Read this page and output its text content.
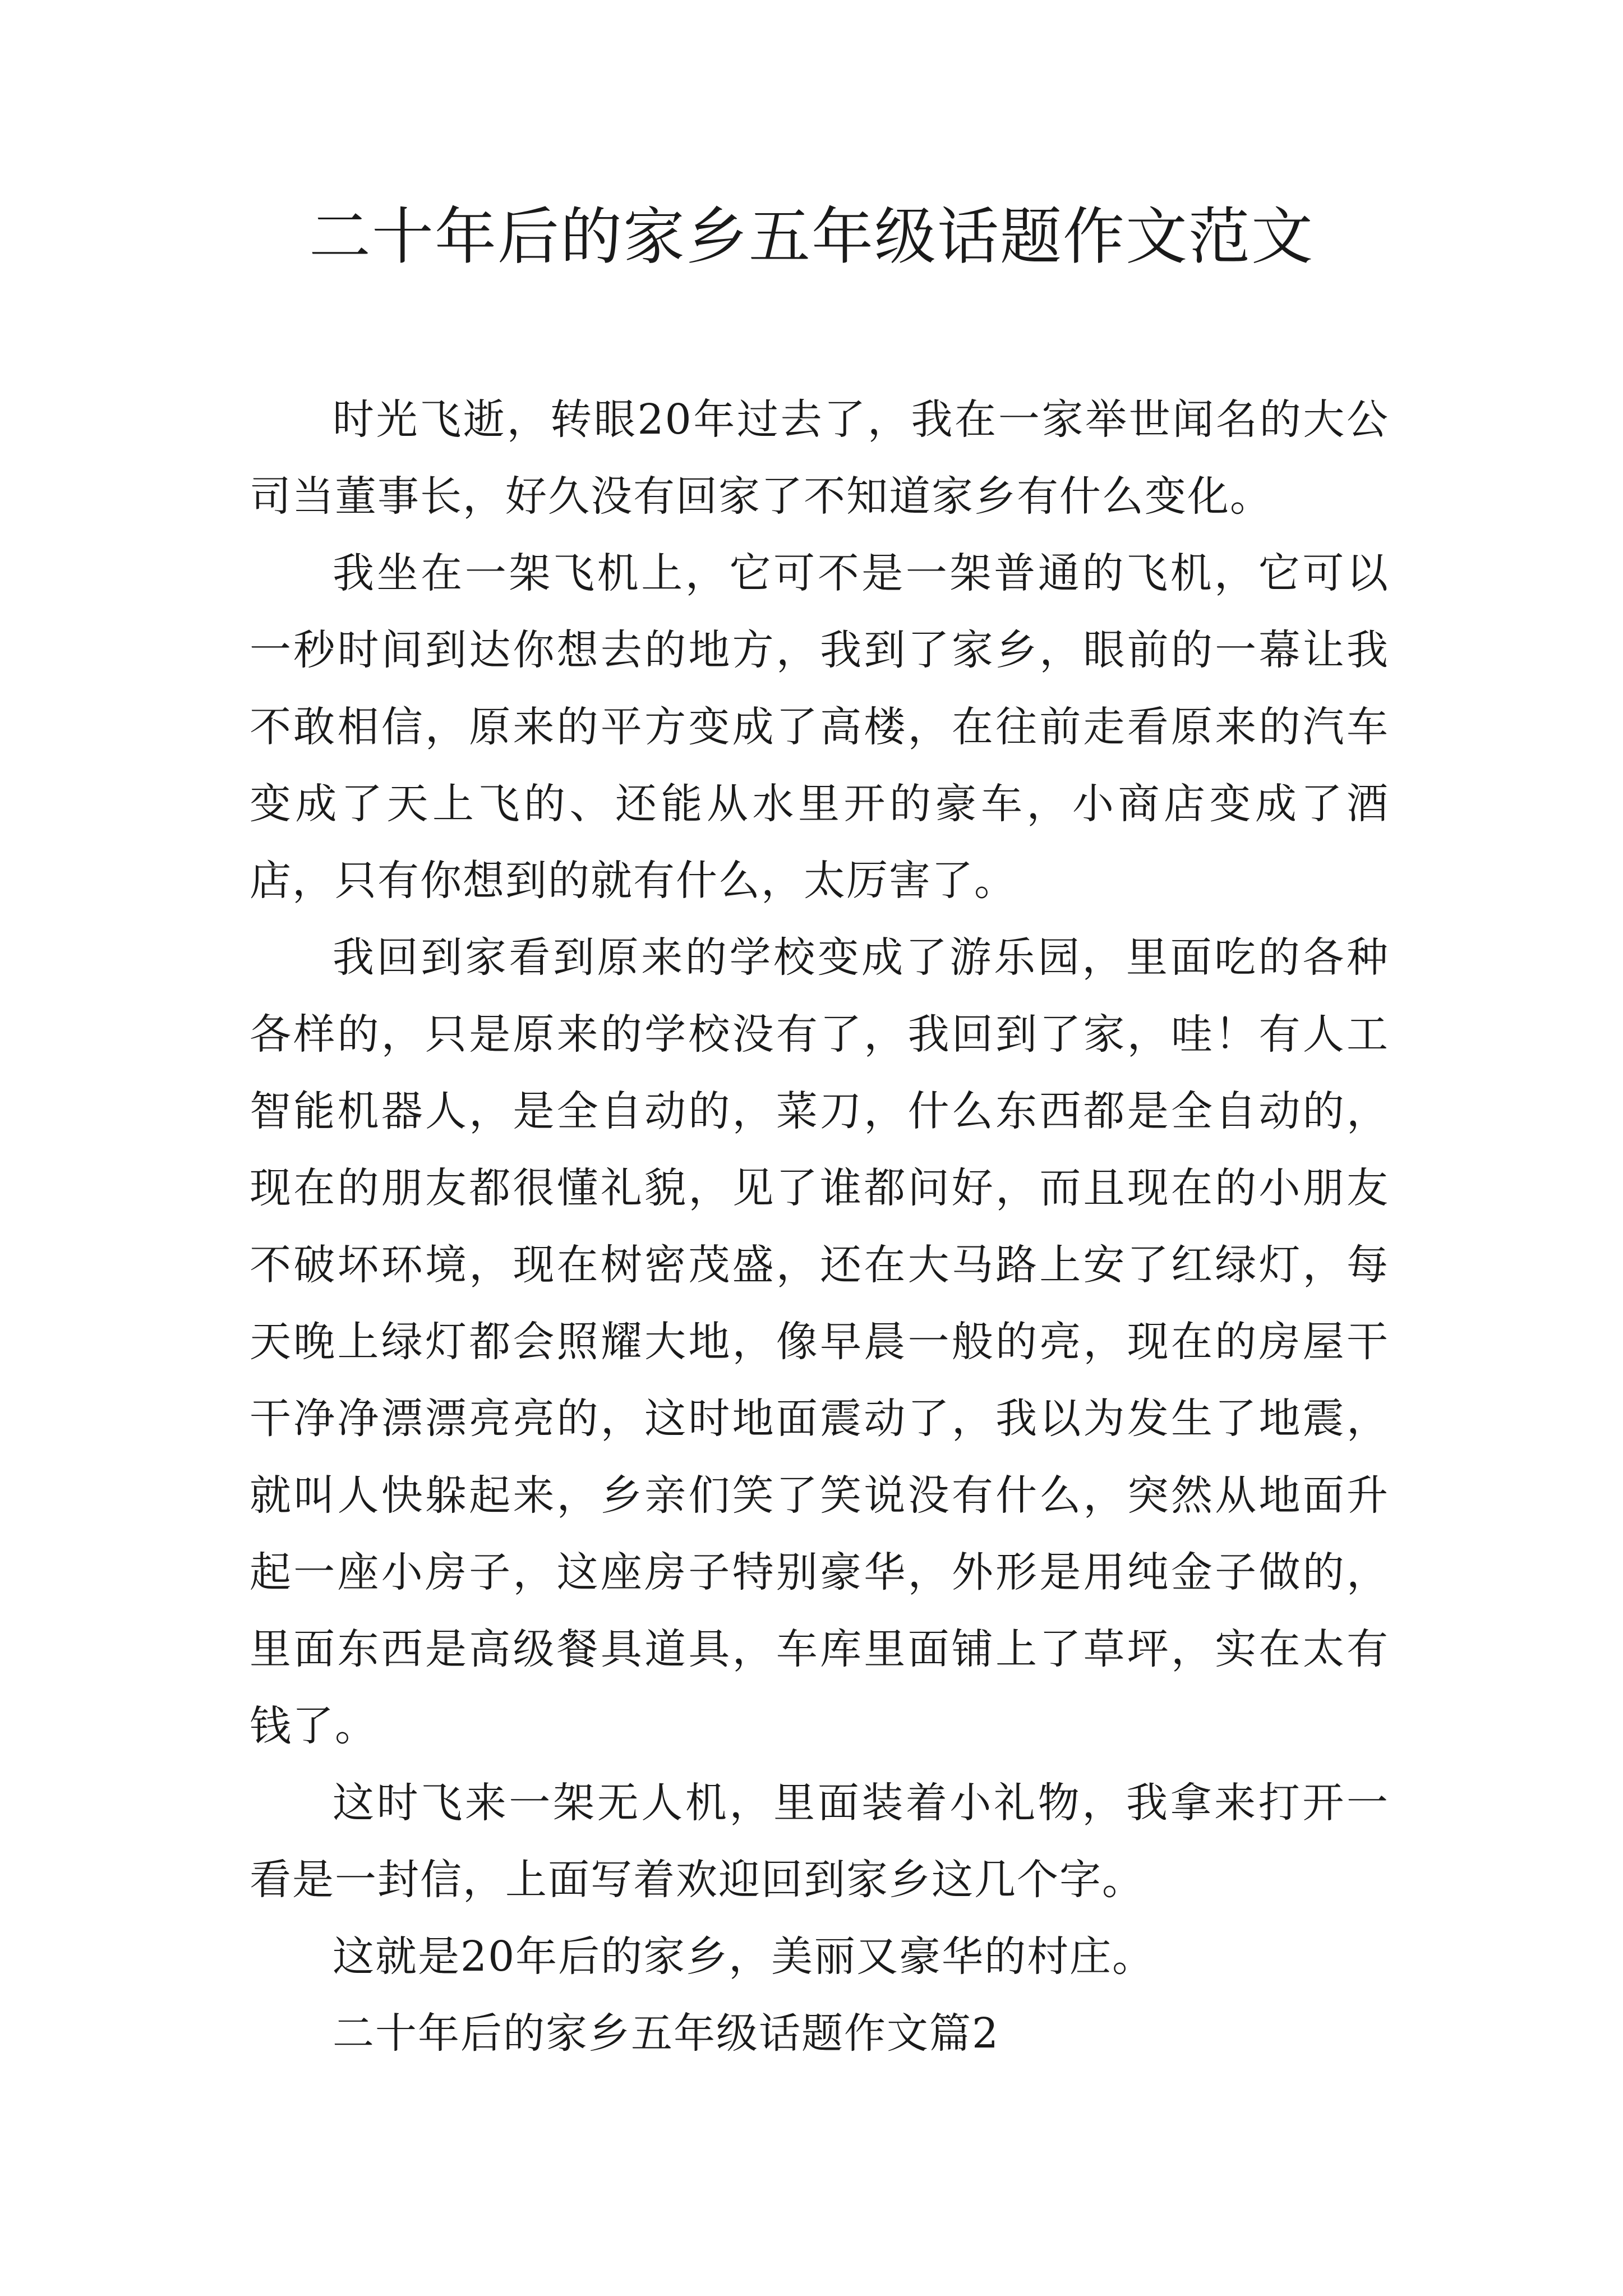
二十年后的家乡五年级话题作文范文

时光飞逝，转眼20年过去了，我在一家举世闻名的大公司当董事长，好久没有回家了不知道家乡有什么变化。

我坐在一架飞机上，它可不是一架普通的飞机，它可以一秒时间到达你想去的地方，我到了家乡，眼前的一幕让我不敢相信，原来的平方变成了高楼，在往前走看原来的汽车变成了天上飞的、还能从水里开的豪车，小商店变成了酒店，只有你想到的就有什么，太厉害了。

我回到家看到原来的学校变成了游乐园，里面吃的各种各样的，只是原来的学校没有了，我回到了家，哇！有人工智能机器人，是全自动的，菜刀，什么东西都是全自动的，现在的朋友都很懂礼貌，见了谁都问好，而且现在的小朋友不破坏环境，现在树密茂盛，还在大马路上安了红绿灯，每天晚上绿灯都会照耀大地，像早晨一般的亮，现在的房屋干干净净漂漂亮亮的，这时地面震动了，我以为发生了地震，就叫人快躲起来，乡亲们笑了笑说没有什么，突然从地面升起一座小房子，这座房子特别豪华，外形是用纯金子做的，里面东西是高级餐具道具，车库里面铺上了草坪，实在太有钱了。

这时飞来一架无人机，里面装着小礼物，我拿来打开一看是一封信，上面写着欢迎回到家乡这几个字。

这就是20年后的家乡，美丽又豪华的村庄。

二十年后的家乡五年级话题作文篇2
